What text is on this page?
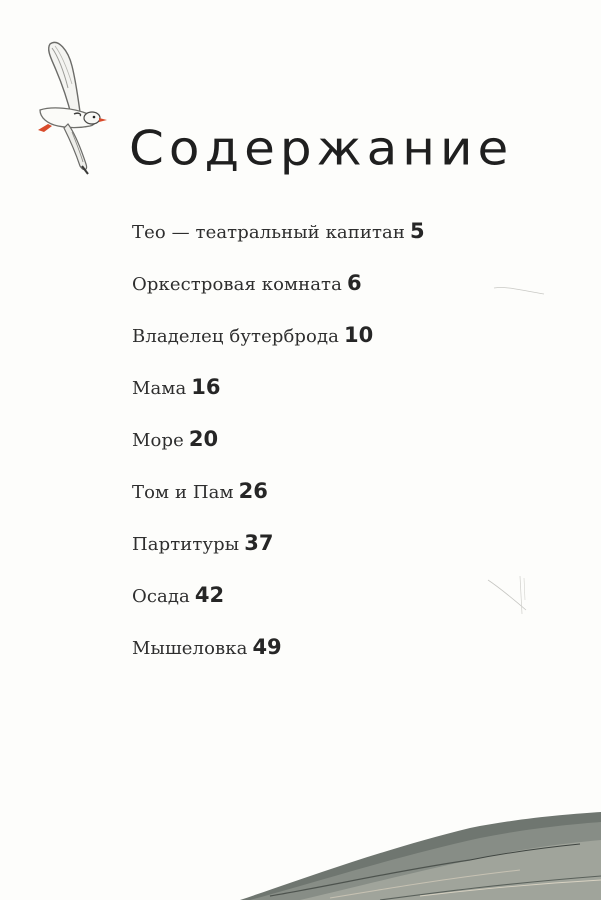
Содержание
Тео — театральный капитан 5
Оркестровая комната 6
Владелец бутерброда 10
Мама 16
Море 20
Том и Пам 26
Партитуры 37
Осада 42
Мышеловка 49
